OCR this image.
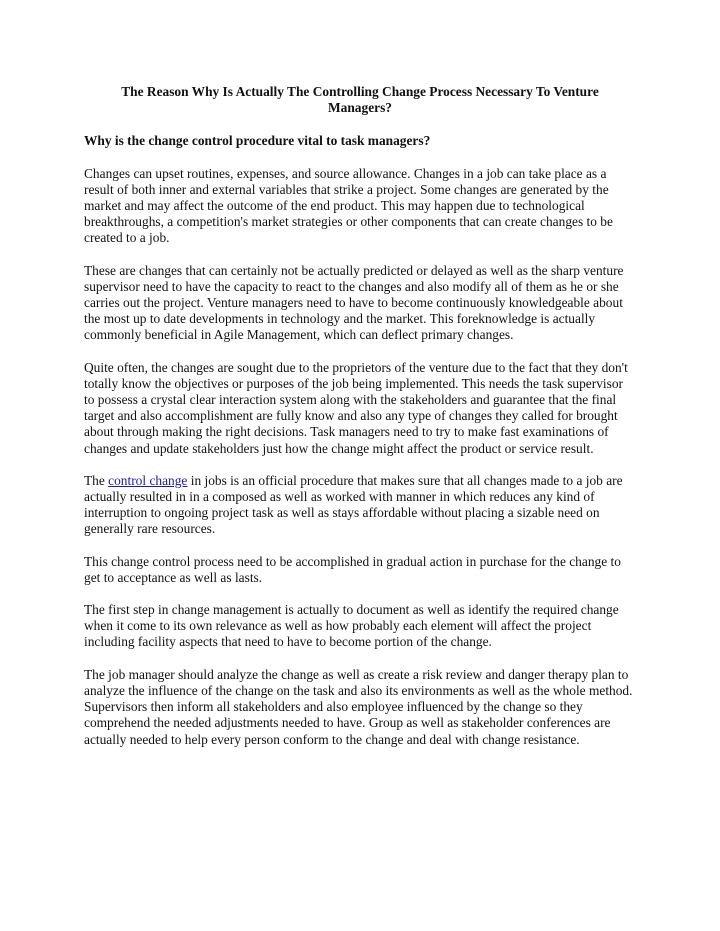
The Reason Why Is Actually The Controlling Change Process Necessary To Venture Managers?
Why is the change control procedure vital to task managers?

Changes can upset routines, expenses, and source allowance. Changes in a job can take place as a result of both inner and external variables that strike a project. Some changes are generated by the market and may affect the outcome of the end product. This may happen due to technological breakthroughs, a competition's market strategies or other components that can create changes to be created to a job.

These are changes that can certainly not be actually predicted or delayed as well as the sharp venture supervisor need to have the capacity to react to the changes and also modify all of them as he or she carries out the project. Venture managers need to have to become continuously knowledgeable about the most up to date developments in technology and the market. This foreknowledge is actually commonly beneficial in Agile Management, which can deflect primary changes.

Quite often, the changes are sought due to the proprietors of the venture due to the fact that they don't totally know the objectives or purposes of the job being implemented. This needs the task supervisor to possess a crystal clear interaction system along with the stakeholders and guarantee that the final target and also accomplishment are fully know and also any type of changes they called for brought about through making the right decisions. Task managers need to try to make fast examinations of changes and update stakeholders just how the change might affect the product or service result.

The control change in jobs is an official procedure that makes sure that all changes made to a job are actually resulted in in a composed as well as worked with manner in which reduces any kind of interruption to ongoing project task as well as stays affordable without placing a sizable need on generally rare resources.

This change control process need to be accomplished in gradual action in purchase for the change to get to acceptance as well as lasts.

The first step in change management is actually to document as well as identify the required change when it come to its own relevance as well as how probably each element will affect the project including facility aspects that need to have to become portion of the change.

The job manager should analyze the change as well as create a risk review and danger therapy plan to analyze the influence of the change on the task and also its environments as well as the whole method. Supervisors then inform all stakeholders and also employee influenced by the change so they comprehend the needed adjustments needed to have. Group as well as stakeholder conferences are actually needed to help every person conform to the change and deal with change resistance.
